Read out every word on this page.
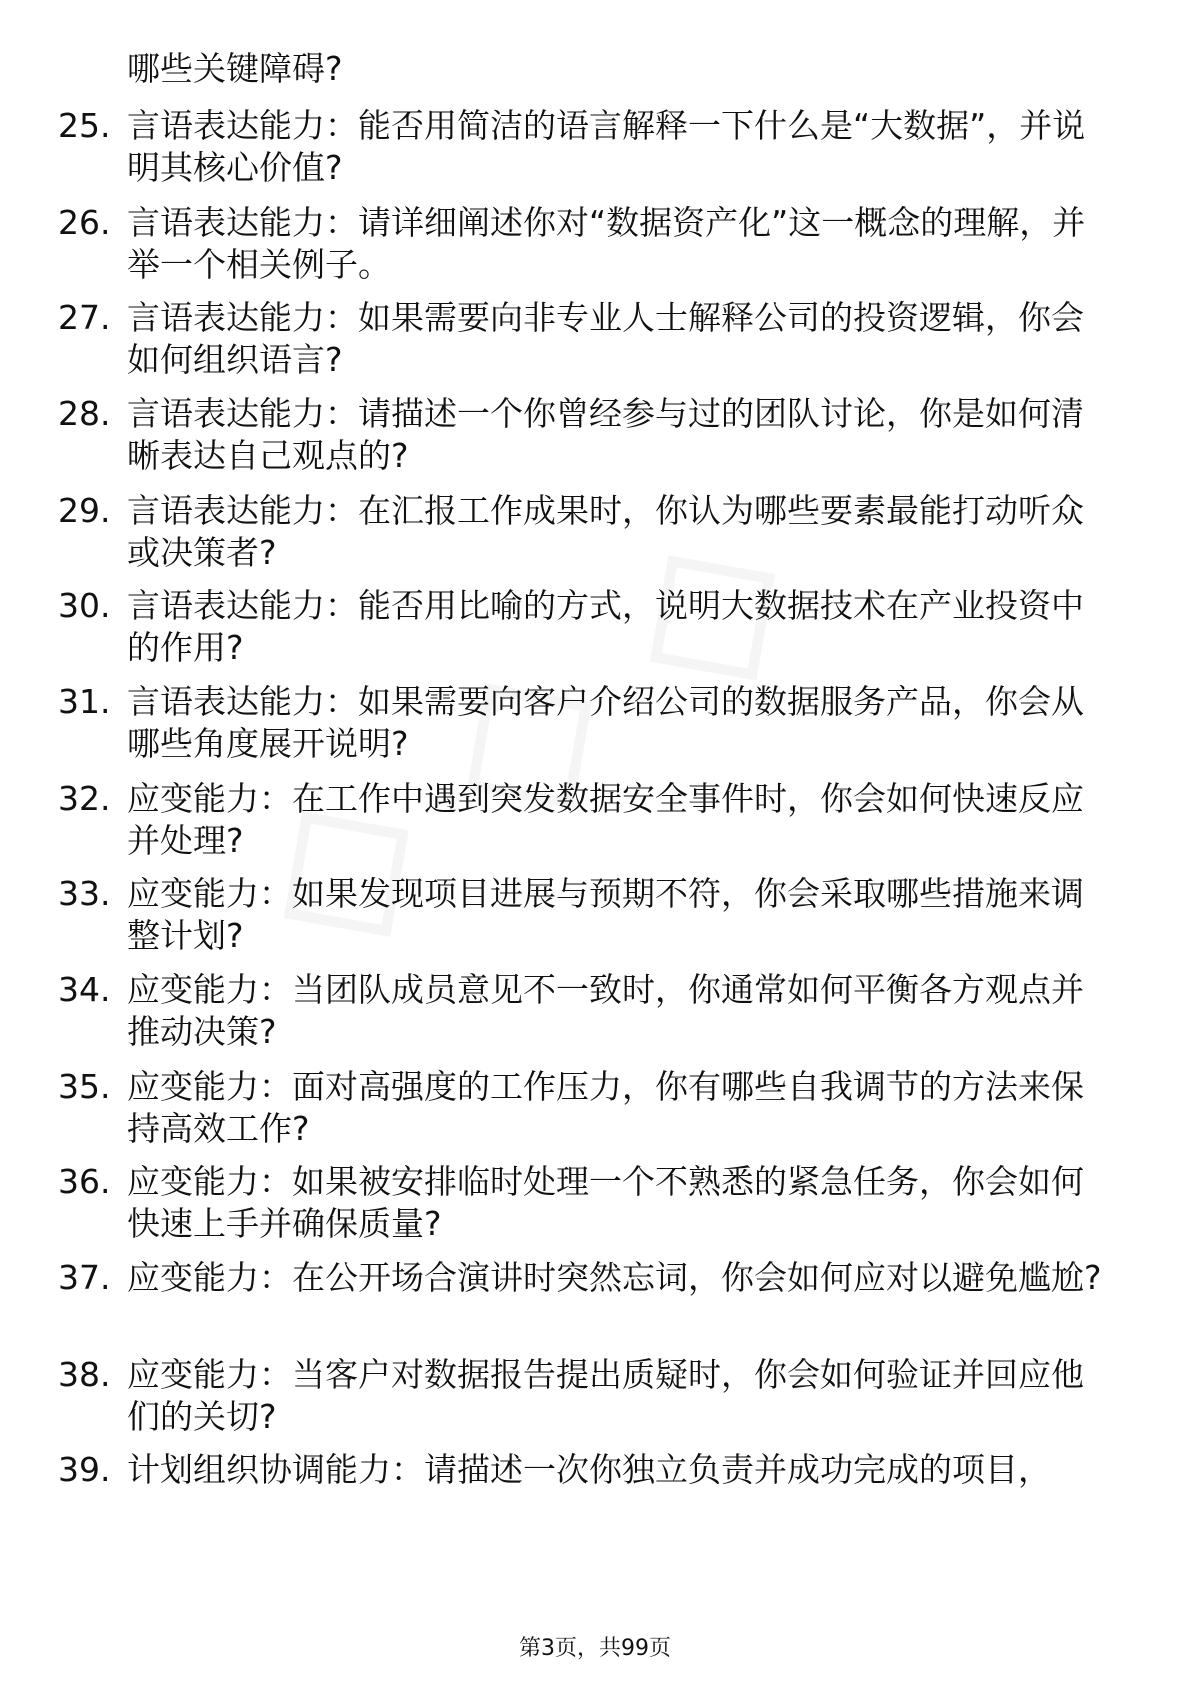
哪些关键障碍?
25. 言语表达能力：能否用简洁的语言解释一下什么是“大数据”，并说明其核心价值?
26. 言语表达能力：请详细阐述你对“数据资产化”这一概念的理解，并举一个相关例子。
27. 言语表达能力：如果需要向非专业人士解释公司的投资逻辑，你会如何组织语言?
28. 言语表达能力：请描述一个你曾经参与过的团队讨论，你是如何清晰表达自己观点的?
29. 言语表达能力：在汇报工作成果时，你认为哪些要素最能打动听众或决策者?
30. 言语表达能力：能否用比喻的方式，说明大数据技术在产业投资中的作用?
31. 言语表达能力：如果需要向客户介绍公司的数据服务产品，你会从哪些角度展开说明?
32. 应变能力：在工作中遇到突发数据安全事件时，你会如何快速反应并处理?
33. 应变能力：如果发现项目进展与预期不符，你会采取哪些措施来调整计划?
34. 应变能力：当团队成员意见不一致时，你通常如何平衡各方观点并推动决策?
35. 应变能力：面对高强度的工作压力，你有哪些自我调节的方法来保持高效工作?
36. 应变能力：如果被安排临时处理一个不熟悉的紧急任务，你会如何快速上手并确保质量?
37. 应变能力：在公开场合演讲时突然忘词，你会如何应对以避免尴尬?
38. 应变能力：当客户对数据报告提出质疑时，你会如何验证并回应他们的关切?
39. 计划组织协调能力：请描述一次你独立负责并成功完成的项目，
第3页，共99页
